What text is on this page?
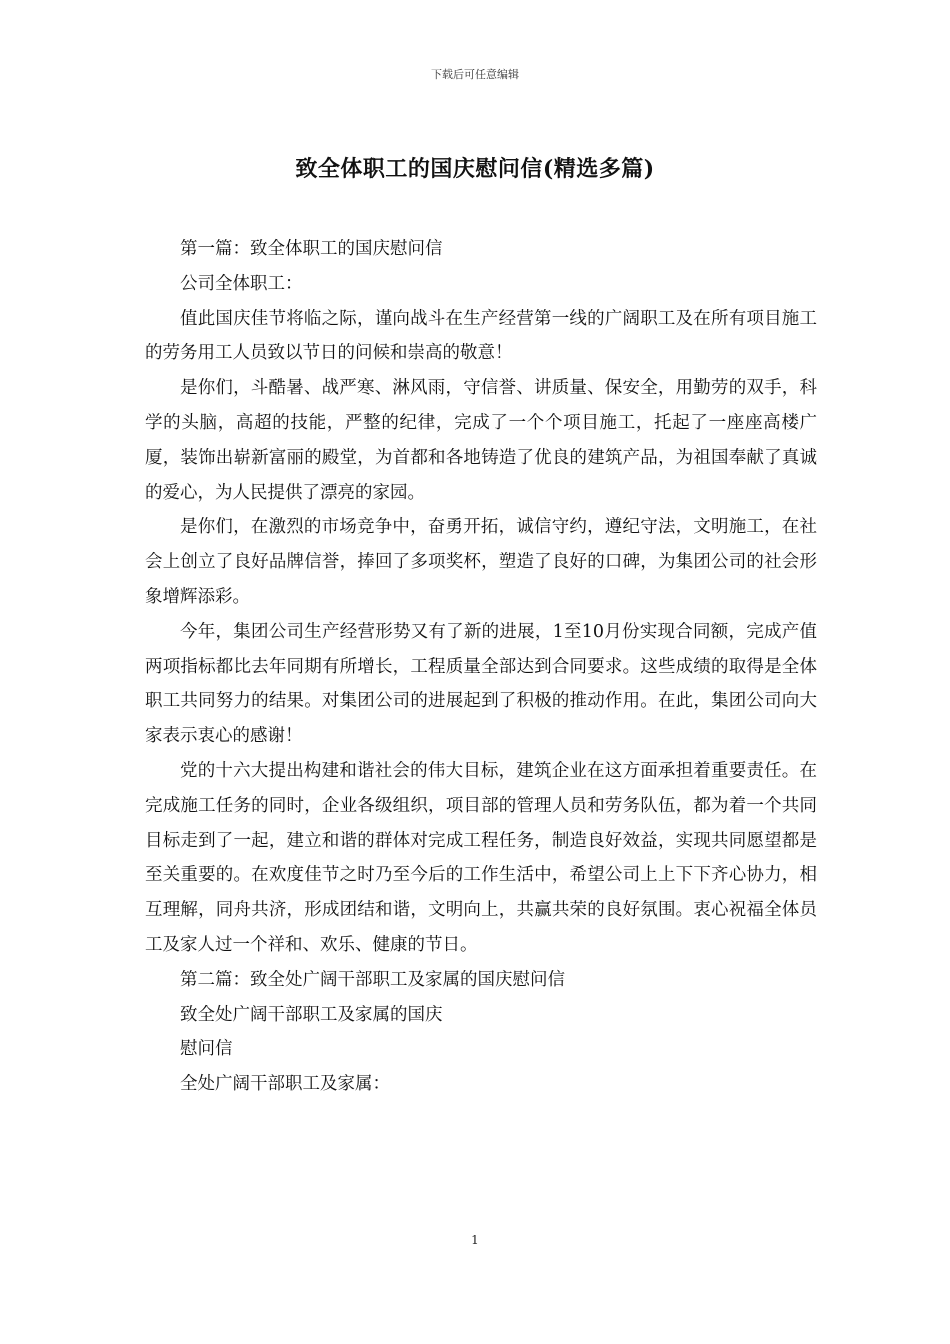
下载后可任意编辑
致全体职工的国庆慰问信(精选多篇)

第一篇：致全体职工的国庆慰问信

公司全体职工：

值此国庆佳节将临之际，谨向战斗在生产经营第一线的广阔职工及在所有项目施工的劳务用工人员致以节日的问候和崇高的敬意！

是你们，斗酷暑、战严寒、淋风雨，守信誉、讲质量、保安全，用勤劳的双手，科学的头脑，高超的技能，严整的纪律，完成了一个个项目施工，托起了一座座高楼广厦，装饰出崭新富丽的殿堂，为首都和各地铸造了优良的建筑产品，为祖国奉献了真诚的爱心，为人民提供了漂亮的家园。

是你们，在激烈的市场竞争中，奋勇开拓，诚信守约，遵纪守法，文明施工，在社会上创立了良好品牌信誉，捧回了多项奖杯，塑造了良好的口碑，为集团公司的社会形象增辉添彩。

今年，集团公司生产经营形势又有了新的进展，1至10月份实现合同额，完成产值两项指标都比去年同期有所增长，工程质量全部达到合同要求。这些成绩的取得是全体职工共同努力的结果。对集团公司的进展起到了积极的推动作用。在此，集团公司向大家表示衷心的感谢！

党的十六大提出构建和谐社会的伟大目标，建筑企业在这方面承担着重要责任。在完成施工任务的同时，企业各级组织，项目部的管理人员和劳务队伍，都为着一个共同目标走到了一起，建立和谐的群体对完成工程任务，制造良好效益，实现共同愿望都是至关重要的。在欢度佳节之时乃至今后的工作生活中，希望公司上上下下齐心协力，相互理解，同舟共济，形成团结和谐，文明向上，共赢共荣的良好氛围。衷心祝福全体员工及家人过一个祥和、欢乐、健康的节日。

第二篇：致全处广阔干部职工及家属的国庆慰问信

致全处广阔干部职工及家属的国庆

慰问信

全处广阔干部职工及家属：

1
